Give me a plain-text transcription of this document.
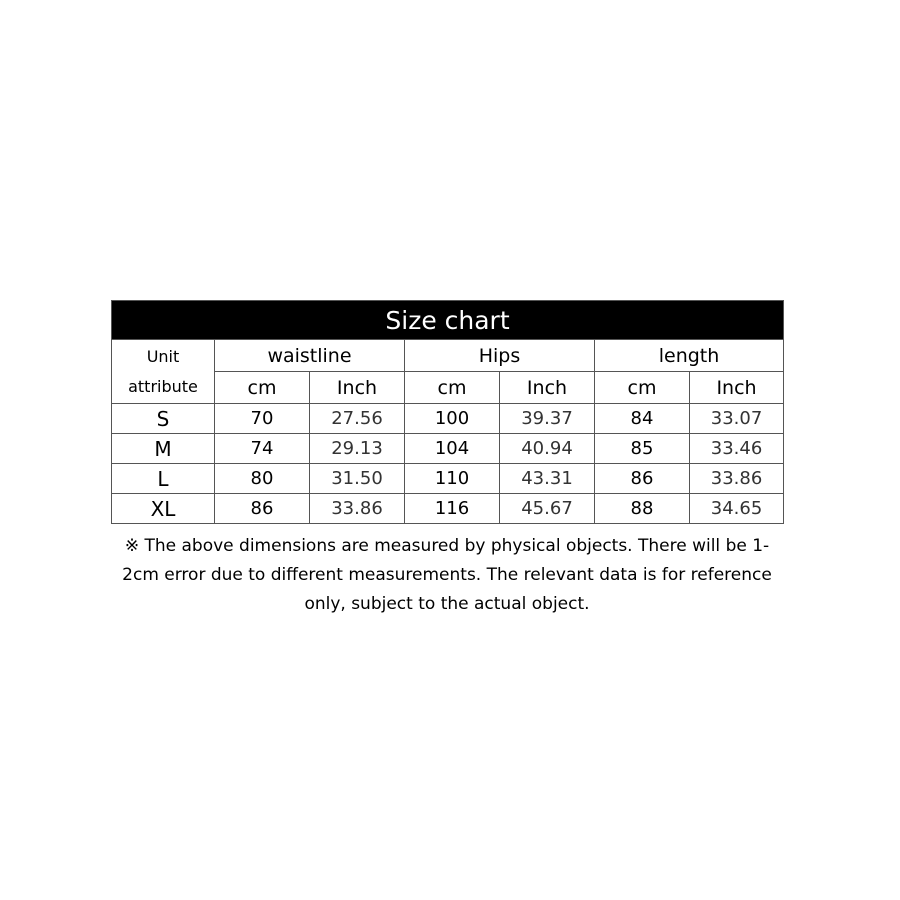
Size chart						
Unit
attribute	waistline		Hips		length	
	cm	Inch	cm	Inch	cm	Inch
S	70	27.56	100	39.37	84	33.07
M	74	29.13	104	40.94	85	33.46
L	80	31.50	110	43.31	86	33.86
XL	86	33.86	116	45.67	88	34.65
※ The above dimensions are measured by physical objects. There will be 1-2cm error due to different measurements. The relevant data is for reference only, subject to the actual object.
